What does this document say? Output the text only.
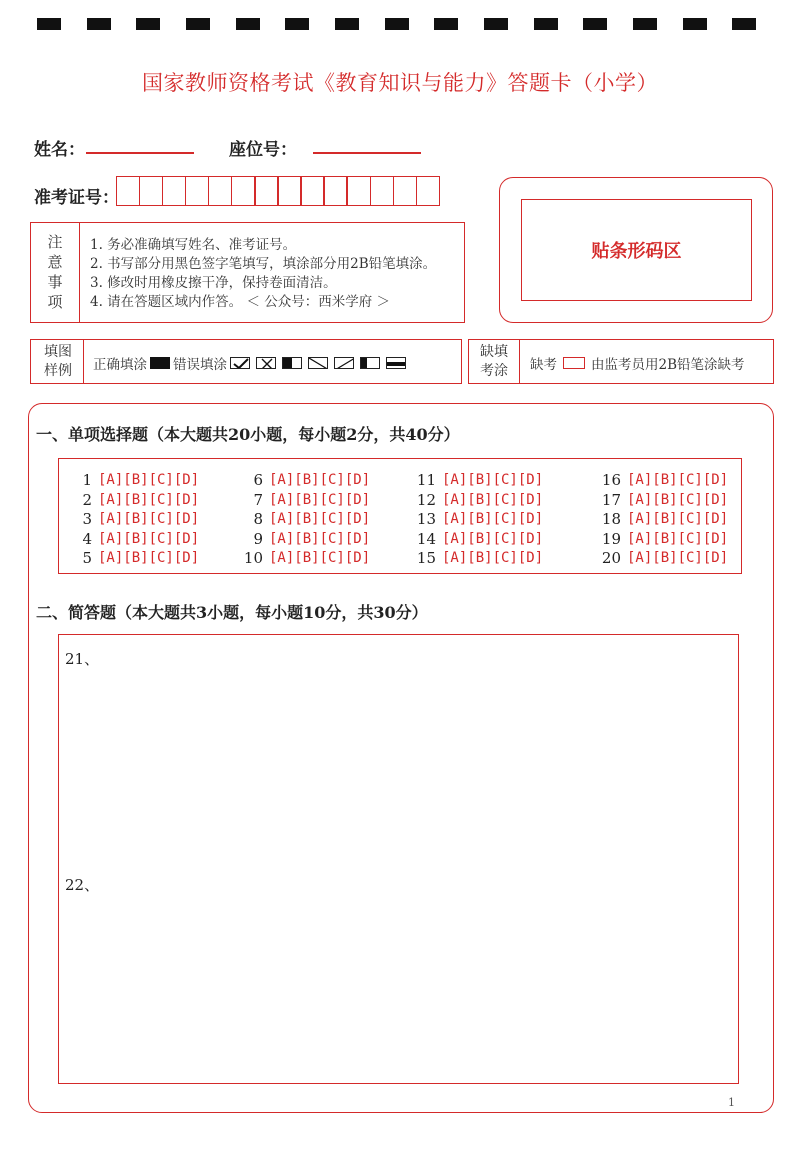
国家教师资格考试《教育知识与能力》答题卡（小学）
姓名：	座位号：
准考证号：
注意事项
1. 务必准确填写姓名、准考证号。
2. 书写部分用黑色签字笔填写，填涂部分用2B铅笔填涂。
3. 修改时用橡皮擦干净，保持卷面清洁。
4. 请在答题区域内作答。 ＜ 公众号：西米学府 ＞
贴条形码区
填图
样例	正确填涂 错误填涂
缺填
考涂	缺考	由监考员用2B铅笔涂缺考
一、单项选择题（本大题共20小题，每小题2分，共40分）
1 [A][B][C][D]
2 [A][B][C][D]
3 [A][B][C][D]
4 [A][B][C][D]
5 [A][B][C][D]
6 [A][B][C][D]
7 [A][B][C][D]
8 [A][B][C][D]
9 [A][B][C][D]
10 [A][B][C][D]
11 [A][B][C][D]
12 [A][B][C][D]
13 [A][B][C][D]
14 [A][B][C][D]
15 [A][B][C][D]
16 [A][B][C][D]
17 [A][B][C][D]
18 [A][B][C][D]
19 [A][B][C][D]
20 [A][B][C][D]
二、简答题（本大题共3小题，每小题10分，共30分）
21、
22、
1
